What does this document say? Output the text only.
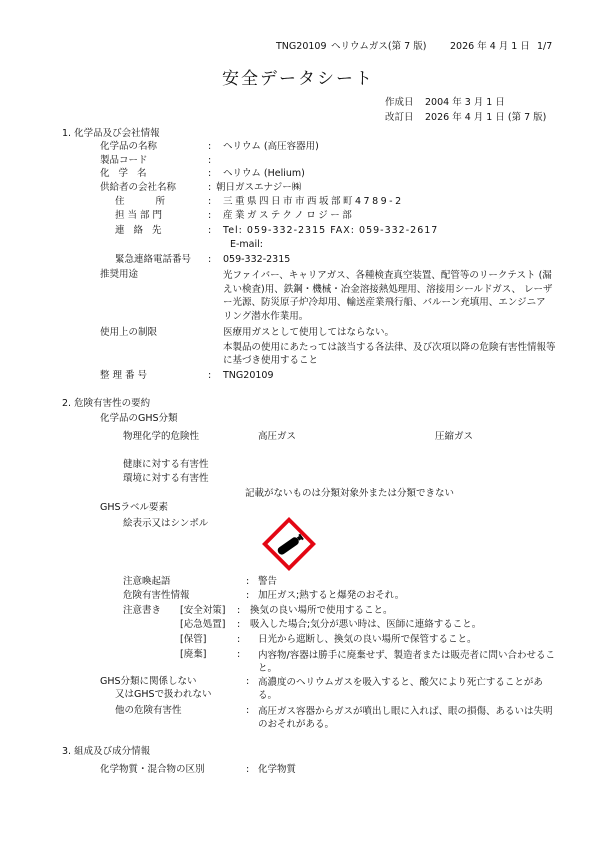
TNG20109 ヘリウムガス(第 7 版) 2026 年 4 月 1 日 1/7
安全データシート
作成日 2004 年 3 月 1 日
改訂日 2026 年 4 月 1 日 (第 7 版)
1. 化学品及び会社情報
化学品の名称	: ヘリウム (高圧容器用)
製品コード	:
化 学 名	: ヘリウム (Helium)
供給者の会社名称	: 朝日ガスエナジー㈱
住 所	: 三重県四日市市西坂部町4789-2
担当部門	: 産業ガステクノロジー部
連 絡 先	: Tel: 059-332-2315 FAX: 059-332-2617
E-mail:
緊急連絡電話番号 : 059-332-2315
推奨用途	光ファイバー、キャリアガス、各種検査真空装置、配管等のリークテスト (漏えい検査)用、鉄鋼・機械・冶金溶接熱処理用、溶接用シールドガス、 レーザー光源、防災原子炉冷却用、輸送産業飛行船、バルーン充填用、エンジニアリング潜水作業用。
使用上の制限	医療用ガスとして使用してはならない。
本製品の使用にあたっては該当する各法律、及び次項以降の危険有害性情報等に基づき使用すること
整理番号	: TNG20109
2. 危険有害性の要約
化学品のGHS分類
物理化学的危険性	高圧ガス	圧縮ガス
健康に対する有害性
環境に対する有害性
記載がないものは分類対象外または分類できない
GHSラベル要素
絵表示又はシンボル
注意喚起語	: 警告
危険有害性情報	: 加圧ガス;熱すると爆発のおそれ。
注意書き [安全対策] : 換気の良い場所で使用すること。
[応急処置] : 吸入した場合;気分が悪い時は、医師に連絡すること。
[保管]	: 日光から遮断し、換気の良い場所で保管すること。
[廃棄]	: 内容物/容器は勝手に廃棄せず、製造者または販売者に問い合わせること。
GHS分類に関係しない
又はGHSで扱われない
: 高濃度のヘリウムガスを吸入すると、酸欠により死亡することがある。
他の危険有害性	: 高圧ガス容器からガスが噴出し眼に入れば、眼の損傷、あるいは失明のおそれがある。
3. 組成及び成分情報
化学物質・混合物の区別	: 化学物質
